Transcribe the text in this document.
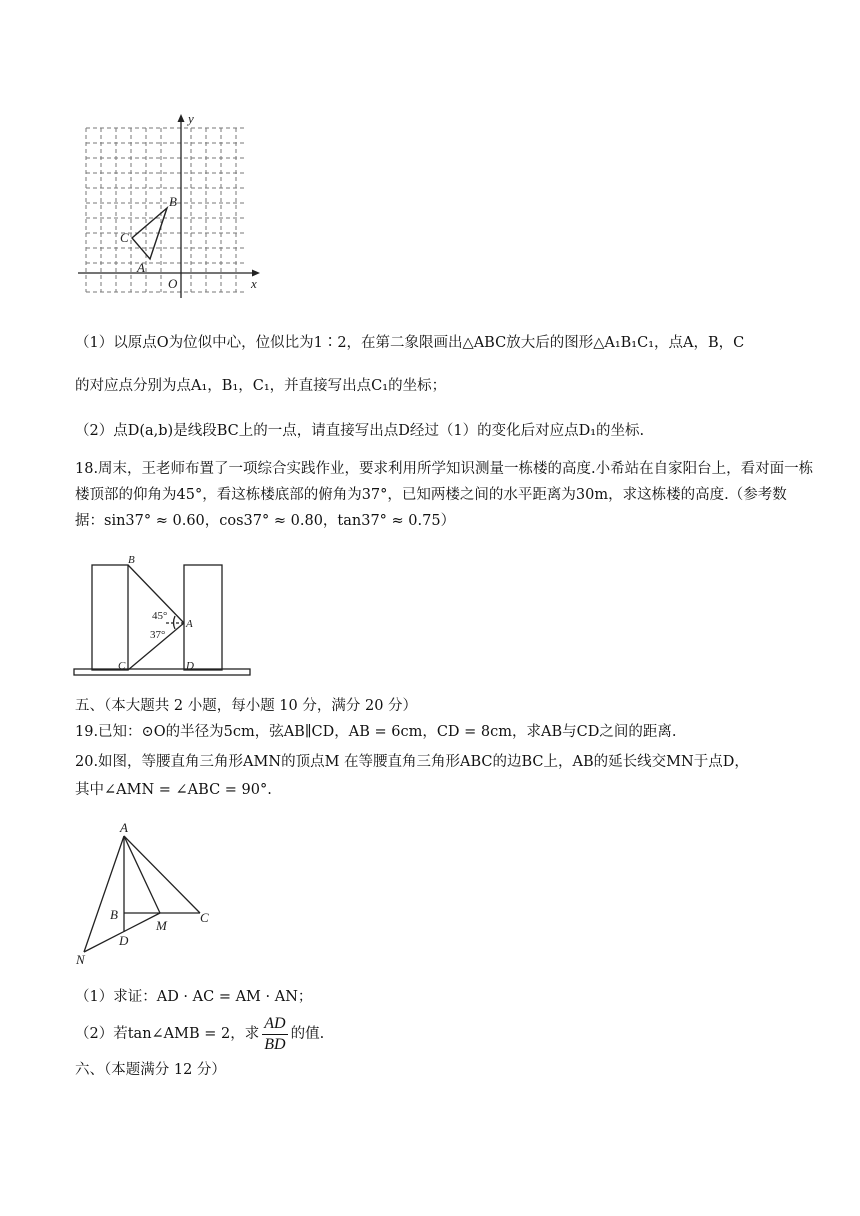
y
x
O
A
B
C
（1）以原点O为位似中心，位似比为1∶2，在第二象限画出△ABC放大后的图形△A₁B₁C₁，点A，B，C
的对应点分别为点A₁，B₁，C₁，并直接写出点C₁的坐标；
（2）点D(a,b)是线段BC上的一点，请直接写出点D经过（1）的变化后对应点D₁的坐标.
18.周末，王老师布置了一项综合实践作业，要求利用所学知识测量一栋楼的高度.小希站在自家阳台上，看对面一栋楼顶部的仰角为45°，看这栋楼底部的俯角为37°，已知两楼之间的水平距离为30m，求这栋楼的高度.（参考数据：sin37° ≈ 0.60，cos37° ≈ 0.80，tan37° ≈ 0.75）
B
A
C	D
45°
37°
五、（本大题共 2 小题，每小题 10 分，满分 20 分）
19.已知：⊙O的半径为5cm，弦AB∥CD，AB = 6cm，CD = 8cm，求AB与CD之间的距离.
20.如图，等腰直角三角形AMN的顶点M 在等腰直角三角形ABC的边BC上，AB的延长线交MN于点D，
其中∠AMN = ∠ABC = 90°.
A
B
M
C
D
N
（1）求证：AD · AC = AM · AN；
（2）若tan∠AMB = 2，求 $\frac{AD}{BD}$ 的值.
六、（本题满分 12 分）
